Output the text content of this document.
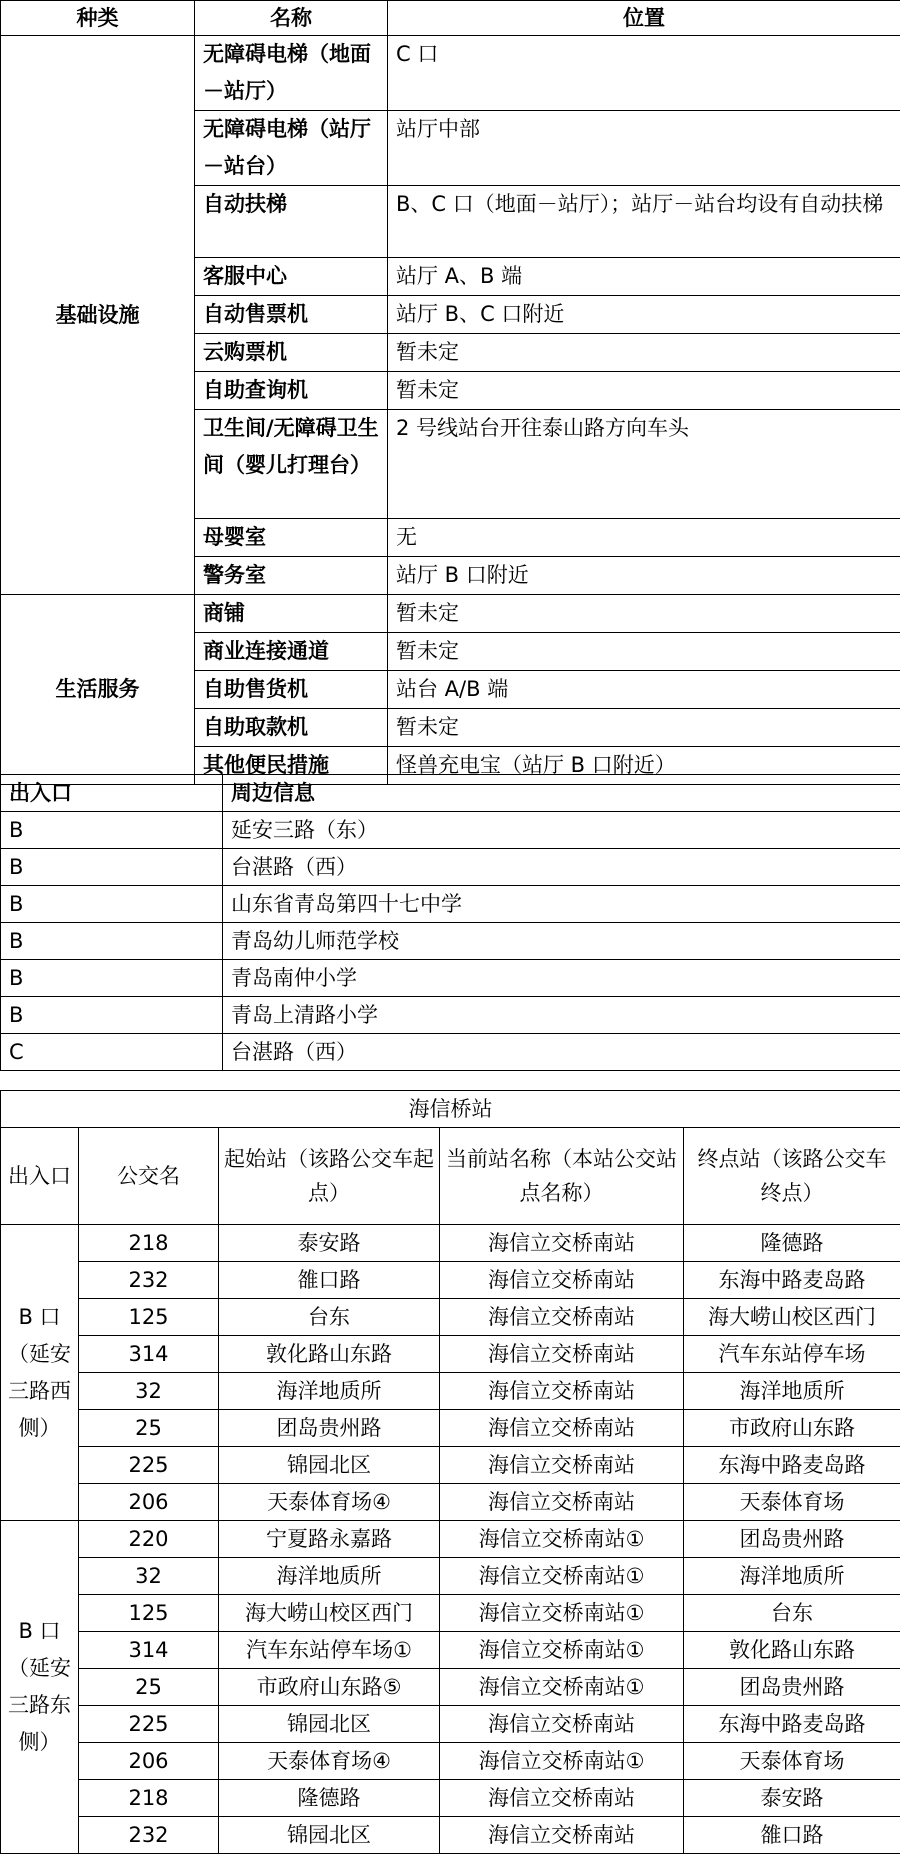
种类	名称	位置
基础设施	无障碍电梯（地面－站厅）	C 口
	无障碍电梯（站厅－站台）	站厅中部
	自动扶梯	B、C 口（地面－站厅）；站厅－站台均设有自动扶梯
	客服中心	站厅 A、B 端
	自动售票机	站厅 B、C 口附近
	云购票机	暂未定
	自助查询机	暂未定
	卫生间/无障碍卫生间（婴儿打理台）	2 号线站台开往泰山路方向车头
	母婴室	无
	警务室	站厅 B 口附近
生活服务	商铺	暂未定
	商业连接通道	暂未定
	自助售货机	站台 A/B 端
	自助取款机	暂未定
	其他便民措施	怪兽充电宝（站厅 B 口附近）
出入口	周边信息
B	延安三路（东）
B	台湛路（西）
B	山东省青岛第四十七中学
B	青岛幼儿师范学校
B	青岛南仲小学
B	青岛上清路小学
C	台湛路（西）
海信桥站				
出入口	公交名	起始站（该路公交车起点）	当前站名称（本站公交站点名称）	终点站（该路公交车终点）
B 口（延安三路西侧）	218	泰安路	海信立交桥南站	隆德路
	232	雒口路	海信立交桥南站	东海中路麦岛路
	125	台东	海信立交桥南站	海大崂山校区西门
	314	敦化路山东路	海信立交桥南站	汽车东站停车场
	32	海洋地质所	海信立交桥南站	海洋地质所
	25	团岛贵州路	海信立交桥南站	市政府山东路
	225	锦园北区	海信立交桥南站	东海中路麦岛路
	206	天泰体育场④	海信立交桥南站	天泰体育场
B 口（延安三路东侧）	220	宁夏路永嘉路	海信立交桥南站①	团岛贵州路
	32	海洋地质所	海信立交桥南站①	海洋地质所
	125	海大崂山校区西门	海信立交桥南站①	台东
	314	汽车东站停车场①	海信立交桥南站①	敦化路山东路
	25	市政府山东路⑤	海信立交桥南站①	团岛贵州路
	225	锦园北区	海信立交桥南站	东海中路麦岛路
	206	天泰体育场④	海信立交桥南站①	天泰体育场
	218	隆德路	海信立交桥南站	泰安路
	232	锦园北区	海信立交桥南站	雒口路
